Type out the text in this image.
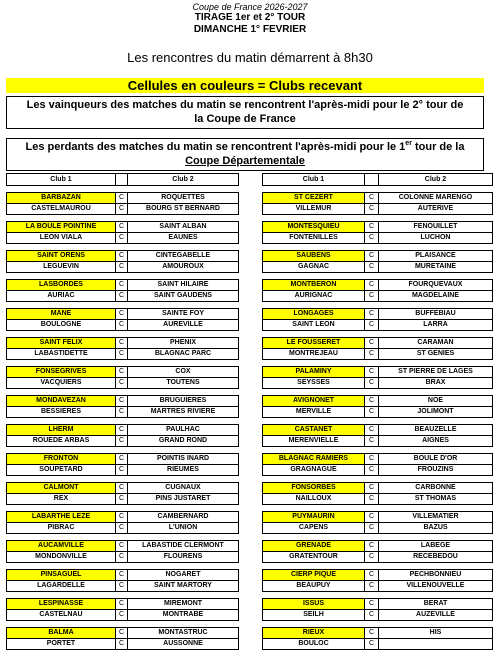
Coupe de France 2026-2027
TIRAGE 1er et 2° TOUR
DIMANCHE 1° FEVRIER
Les rencontres du matin démarrent à 8h30
Cellules en couleurs = Clubs recevant
Les vainqueurs des matches du matin se rencontrent l'après-midi pour le 2° tour de
la Coupe de France
Les perdants des matches du matin se rencontrent l'après-midi pour le 1er tour de la
Coupe Départementale
Club 1		Club 2

BARBAZAN	C	ROQUETTES
CASTELMAUROU	C	BOURG ST BERNARD

LA BOULE POINTINE	C	SAINT ALBAN
LEON VIALA	C	EAUNES

SAINT ORENS	C	CINTEGABELLE
LEGUEVIN	C	AMOUROUX

LASBORDES	C	SAINT HILAIRE
AURIAC	C	SAINT GAUDENS

MANE	C	SAINTE FOY
BOULOGNE	C	AUREVILLE

SAINT FELIX	C	PHENIX
LABASTIDETTE	C	BLAGNAC PARC

FONSEGRIVES	C	COX
VACQUIERS	C	TOUTENS

MONDAVEZAN	C	BRUGUIERES
BESSIERES	C	MARTRES RIVIERE

LHERM	C	PAULHAC
ROUEDE ARBAS	C	GRAND ROND

FRONTON	C	POINTIS INARD
SOUPETARD	C	RIEUMES

CALMONT	C	CUGNAUX
REX	C	PINS JUSTARET

LABARTHE LEZE	C	CAMBERNARD
PIBRAC	C	L'UNION

AUCAMVILLE	C	LABASTIDE CLERMONT
MONDONVILLE	C	FLOURENS

PINSAGUEL	C	NOGARET
LAGARDELLE	C	SAINT MARTORY

LESPINASSE	C	MIREMONT
CASTELNAU	C	MONTRABE

BALMA	C	MONTASTRUC
PORTET	C	AUSSONNE
Club 1		Club 2

ST CEZERT	C	COLONNE MARENGO
VILLEMUR	C	AUTERIVE

MONTESQUIEU	C	FENOUILLET
FONTENILLES	C	LUCHON

SAUBENS	C	PLAISANCE
GAGNAC	C	MURETAINE

MONTBERON	C	FOURQUEVAUX
AURIGNAC	C	MAGDELAINE

LONGAGES	C	BUFFEBIAU
SAINT LEON	C	LARRA

LE FOUSSERET	C	CARAMAN
MONTREJEAU	C	ST GENIES

PALAMINY	C	ST PIERRE DE LAGES
SEYSSES	C	BRAX

AVIGNONET	C	NOE
MERVILLE	C	JOLIMONT

CASTANET	C	BEAUZELLE
MERENVIELLE	C	AIGNES

BLAGNAC RAMIERS	C	BOULE D'OR
GRAGNAGUE	C	FROUZINS

FONSORBES	C	CARBONNE
NAILLOUX	C	ST THOMAS

PUYMAURIN	C	VILLEMATIER
CAPENS	C	BAZUS

GRENADE	C	LABEGE
GRATENTOUR	C	RECEBEDOU

CIERP PIQUE	C	PECHBONNIEU
BEAUPUY	C	VILLENOUVELLE

ISSUS	C	BERAT
SEILH	C	AUZEVILLE

RIEUX	C	HIS
BOULOC	C	
